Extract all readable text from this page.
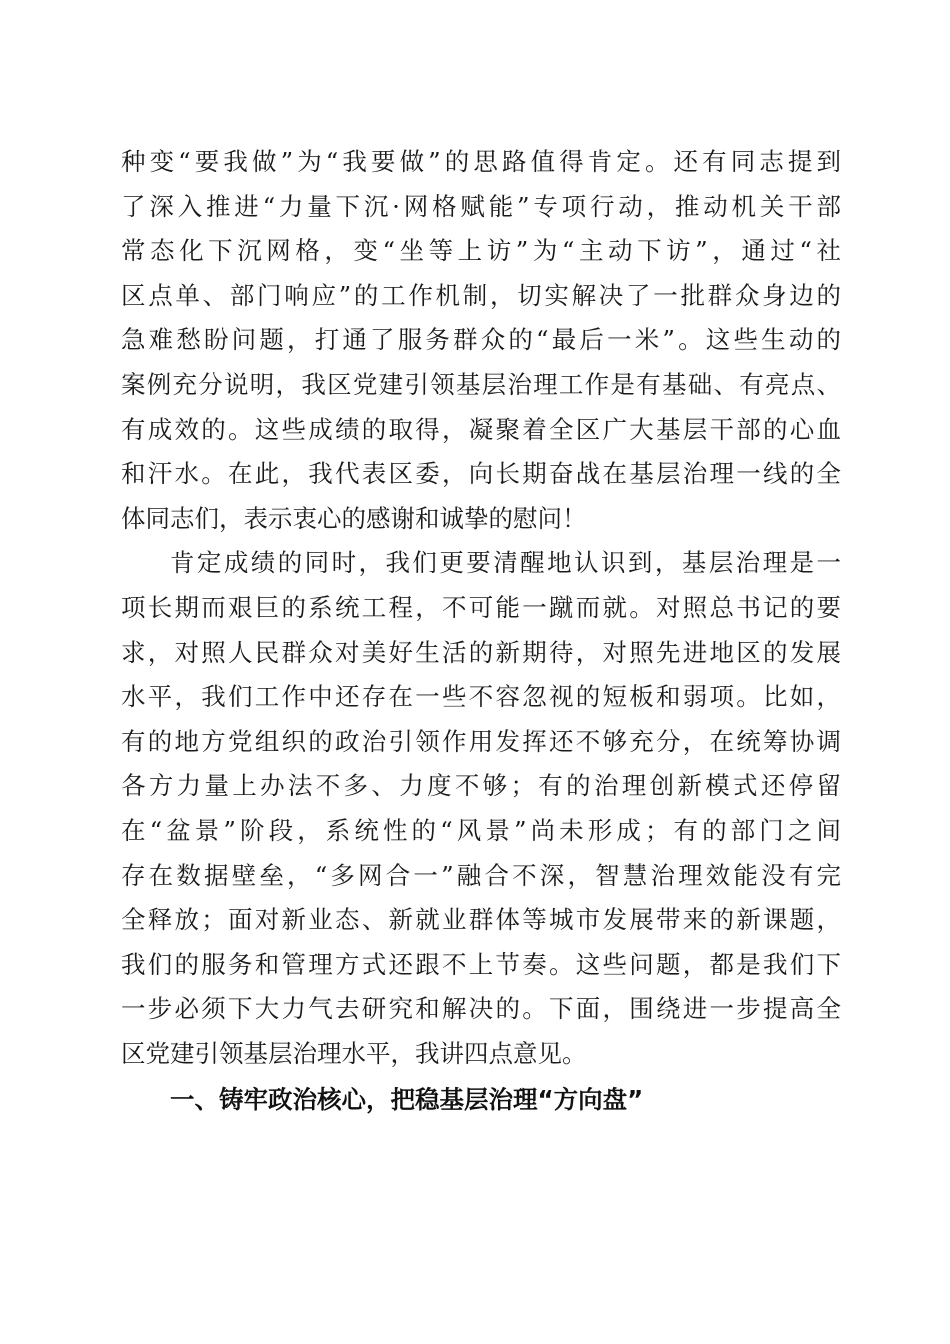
种变“要我做”为“我要做”的思路值得肯定。还有同志提到
了深入推进“力量下沉·网格赋能”专项行动，推动机关干部
常态化下沉网格，变“坐等上访”为“主动下访”，通过“社
区点单、部门响应”的工作机制，切实解决了一批群众身边的
急难愁盼问题，打通了服务群众的“最后一米”。这些生动的
案例充分说明，我区党建引领基层治理工作是有基础、有亮点、
有成效的。这些成绩的取得，凝聚着全区广大基层干部的心血
和汗水。在此，我代表区委，向长期奋战在基层治理一线的全
体同志们，表示衷心的感谢和诚挚的慰问！
肯定成绩的同时，我们更要清醒地认识到，基层治理是一
项长期而艰巨的系统工程，不可能一蹴而就。对照总书记的要
求，对照人民群众对美好生活的新期待，对照先进地区的发展
水平，我们工作中还存在一些不容忽视的短板和弱项。比如，
有的地方党组织的政治引领作用发挥还不够充分，在统筹协调
各方力量上办法不多、力度不够；有的治理创新模式还停留
在“盆景”阶段，系统性的“风景”尚未形成；有的部门之间
存在数据壁垒，“多网合一”融合不深，智慧治理效能没有完
全释放；面对新业态、新就业群体等城市发展带来的新课题，
我们的服务和管理方式还跟不上节奏。这些问题，都是我们下
一步必须下大力气去研究和解决的。下面，围绕进一步提高全
区党建引领基层治理水平，我讲四点意见。
一、铸牢政治核心，把稳基层治理“方向盘”
